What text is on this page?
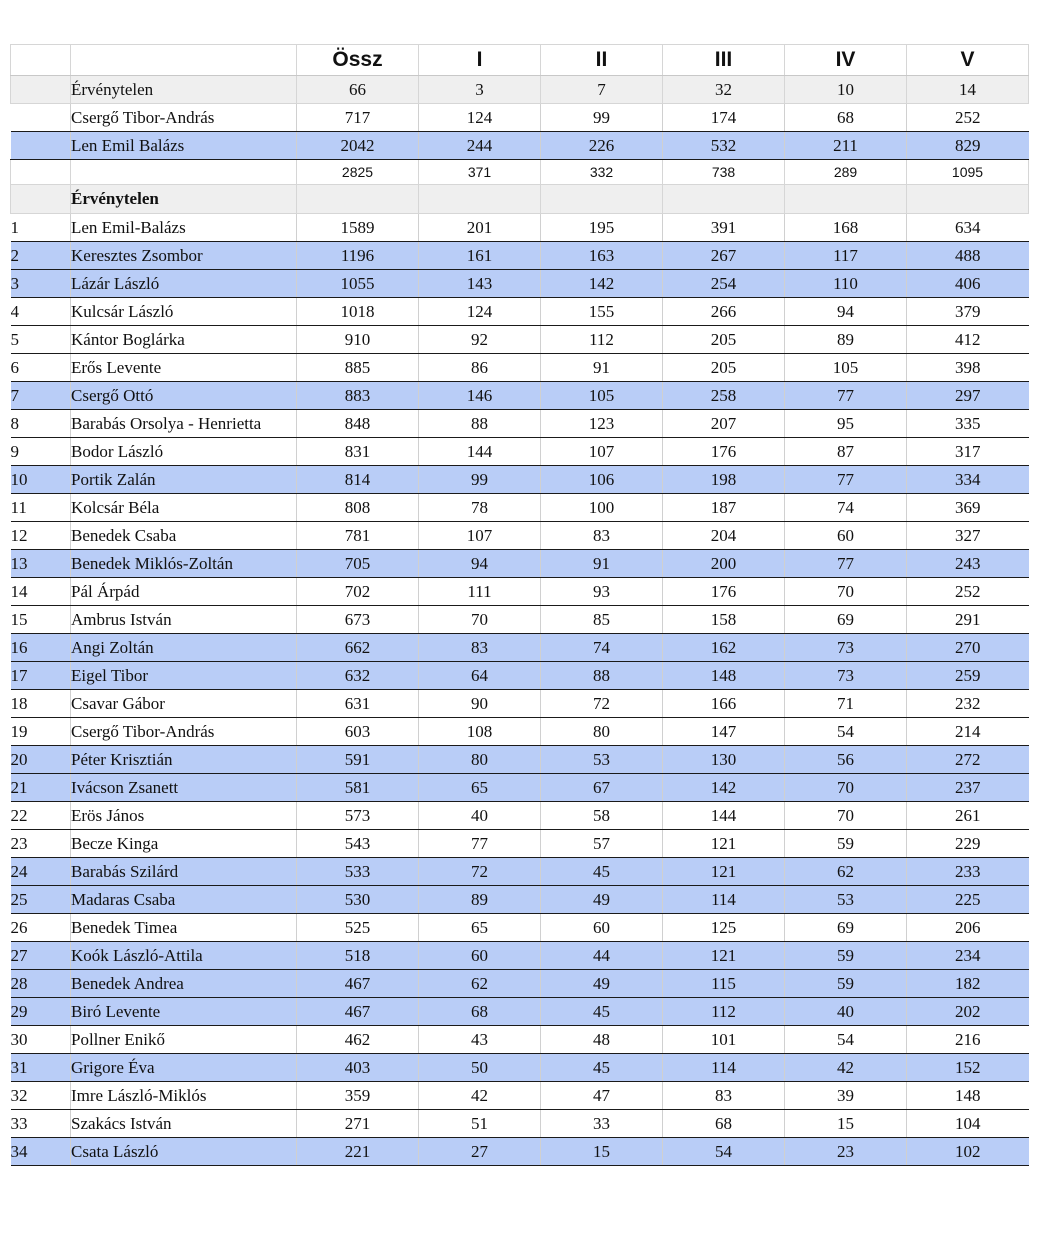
		Össz	I	II	III	IV	V
	Érvénytelen	66	3	7	32	10	14
	Csergő Tibor-András	717	124	99	174	68	252
	Len Emil Balázs	2042	244	226	532	211	829
		2825	371	332	738	289	1095
	Érvénytelen						
1	Len Emil-Balázs	1589	201	195	391	168	634
2	Keresztes Zsombor	1196	161	163	267	117	488
3	Lázár László	1055	143	142	254	110	406
4	Kulcsár László	1018	124	155	266	94	379
5	Kántor Boglárka	910	92	112	205	89	412
6	Erős Levente	885	86	91	205	105	398
7	Csergő Ottó	883	146	105	258	77	297
8	Barabás Orsolya - Henrietta	848	88	123	207	95	335
9	Bodor László	831	144	107	176	87	317
10	Portik Zalán	814	99	106	198	77	334
11	Kolcsár Béla	808	78	100	187	74	369
12	Benedek Csaba	781	107	83	204	60	327
13	Benedek Miklós-Zoltán	705	94	91	200	77	243
14	Pál Árpád	702	111	93	176	70	252
15	Ambrus István	673	70	85	158	69	291
16	Angi Zoltán	662	83	74	162	73	270
17	Eigel Tibor	632	64	88	148	73	259
18	Csavar Gábor	631	90	72	166	71	232
19	Csergő Tibor-András	603	108	80	147	54	214
20	Péter Krisztián	591	80	53	130	56	272
21	Ivácson Zsanett	581	65	67	142	70	237
22	Erös János	573	40	58	144	70	261
23	Becze Kinga	543	77	57	121	59	229
24	Barabás Szilárd	533	72	45	121	62	233
25	Madaras Csaba	530	89	49	114	53	225
26	Benedek Timea	525	65	60	125	69	206
27	Koók László-Attila	518	60	44	121	59	234
28	Benedek Andrea	467	62	49	115	59	182
29	Biró Levente	467	68	45	112	40	202
30	Pollner Enikő	462	43	48	101	54	216
31	Grigore Éva	403	50	45	114	42	152
32	Imre László-Miklós	359	42	47	83	39	148
33	Szakács István	271	51	33	68	15	104
34	Csata László	221	27	15	54	23	102
